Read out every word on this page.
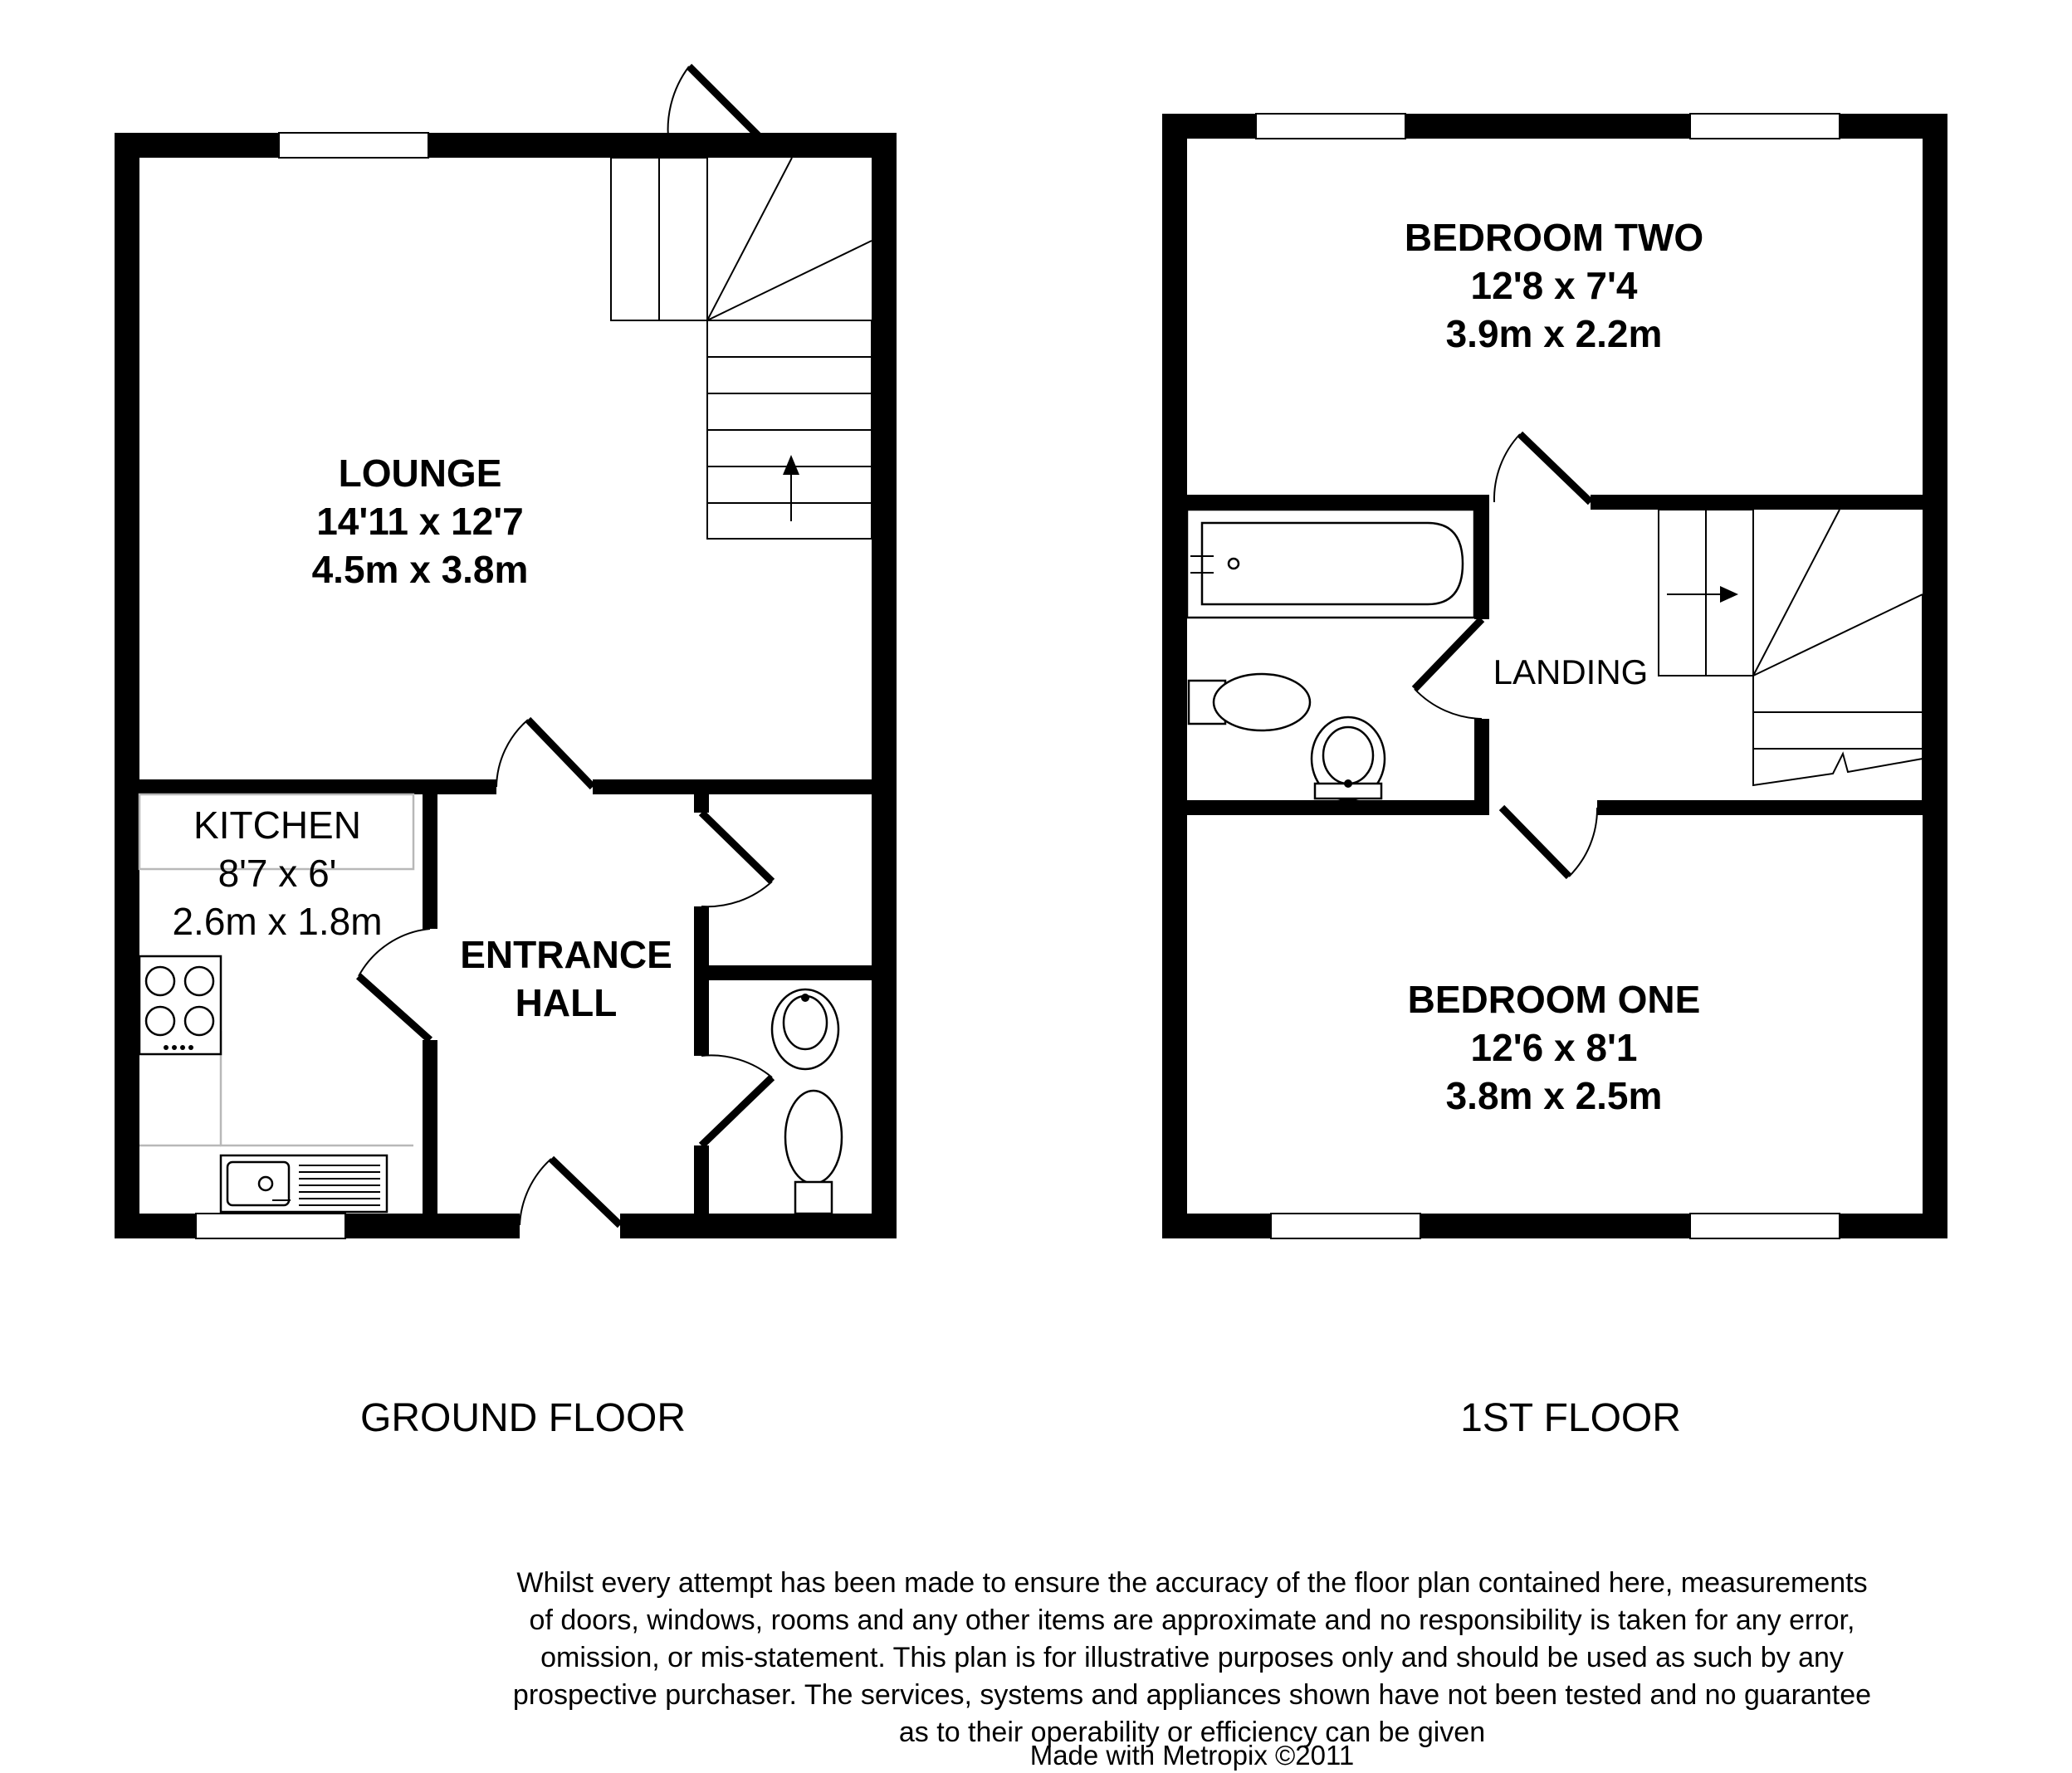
LOUNGE
14'11 x 12'7
4.5m x 3.8m
KITCHEN
8'7 x 6'
2.6m x 1.8m
ENTRANCE
HALL
GROUND FLOOR
BEDROOM TWO
12'8 x 7'4
3.9m x 2.2m
LANDING
BEDROOM ONE
12'6 x 8'1
3.8m x 2.5m
1ST FLOOR
Whilst every attempt has been made to ensure the accuracy of the floor plan contained here, measurements
of doors, windows, rooms and any other items are approximate and no responsibility is taken for any error,
omission, or mis-statement. This plan is for illustrative purposes only and should be used as such by any
prospective purchaser. The services, systems and appliances shown have not been tested and no guarantee
as to their operability or efficiency can be given
Made with Metropix ©2011
